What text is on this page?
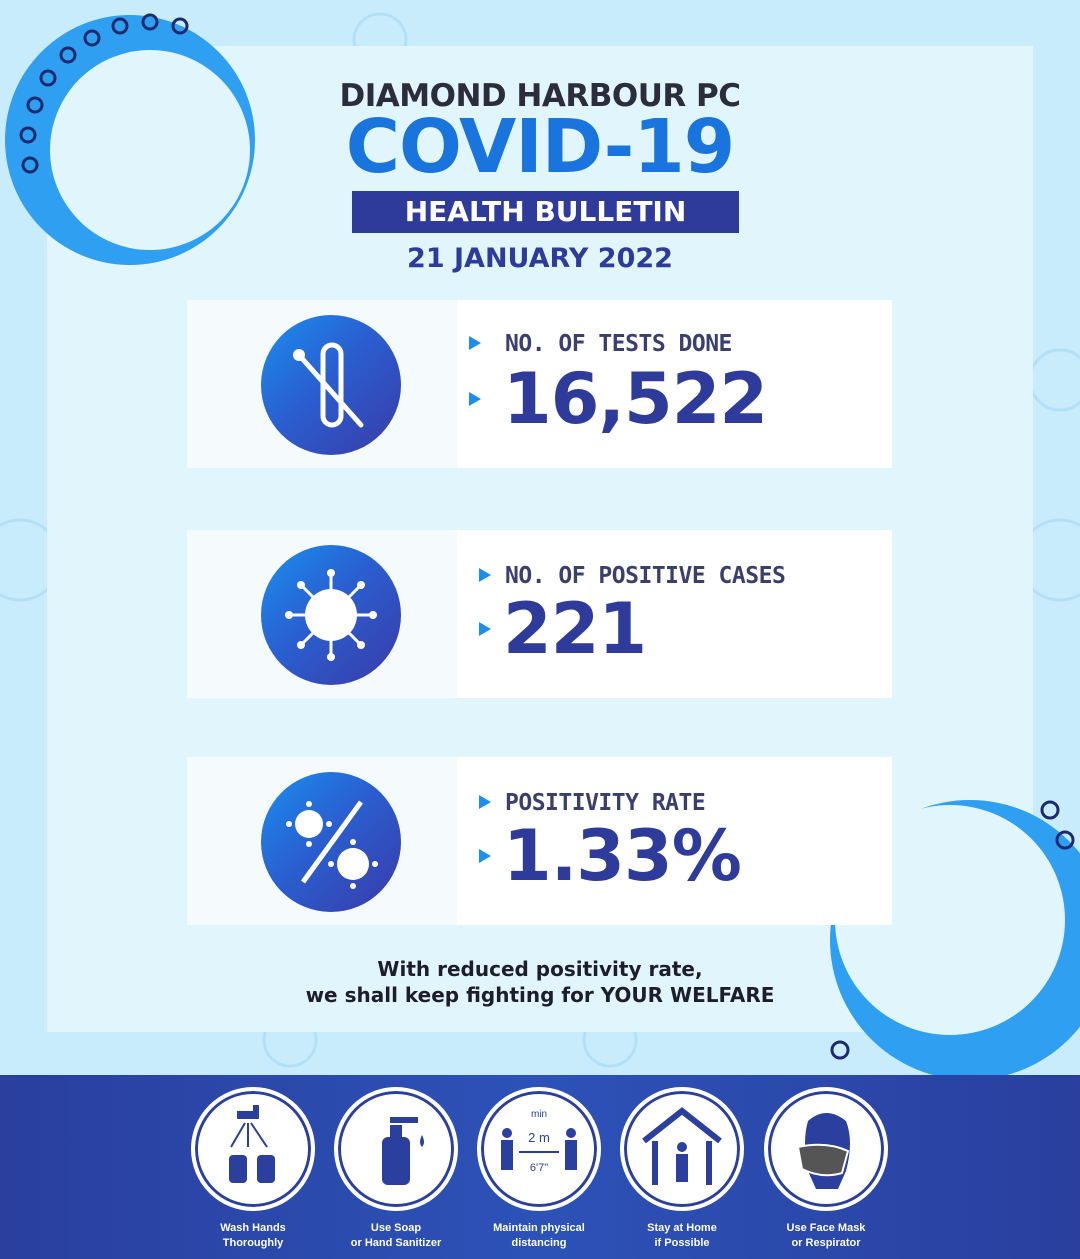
DIAMOND HARBOUR PC
COVID-19
HEALTH BULLETIN
21 JANUARY 2022
NO. OF TESTS DONE
16,522
NO. OF POSITIVE CASES
221
POSITIVITY RATE
1.33%
With reduced positivity rate,
we shall keep fighting for YOUR WELFARE
Wash Hands
Thoroughly
Use Soap
or Hand Sanitizer
min
2 m
6'7"
Maintain physical
distancing
Stay at Home
if Possible
Use Face Mask
or Respirator
